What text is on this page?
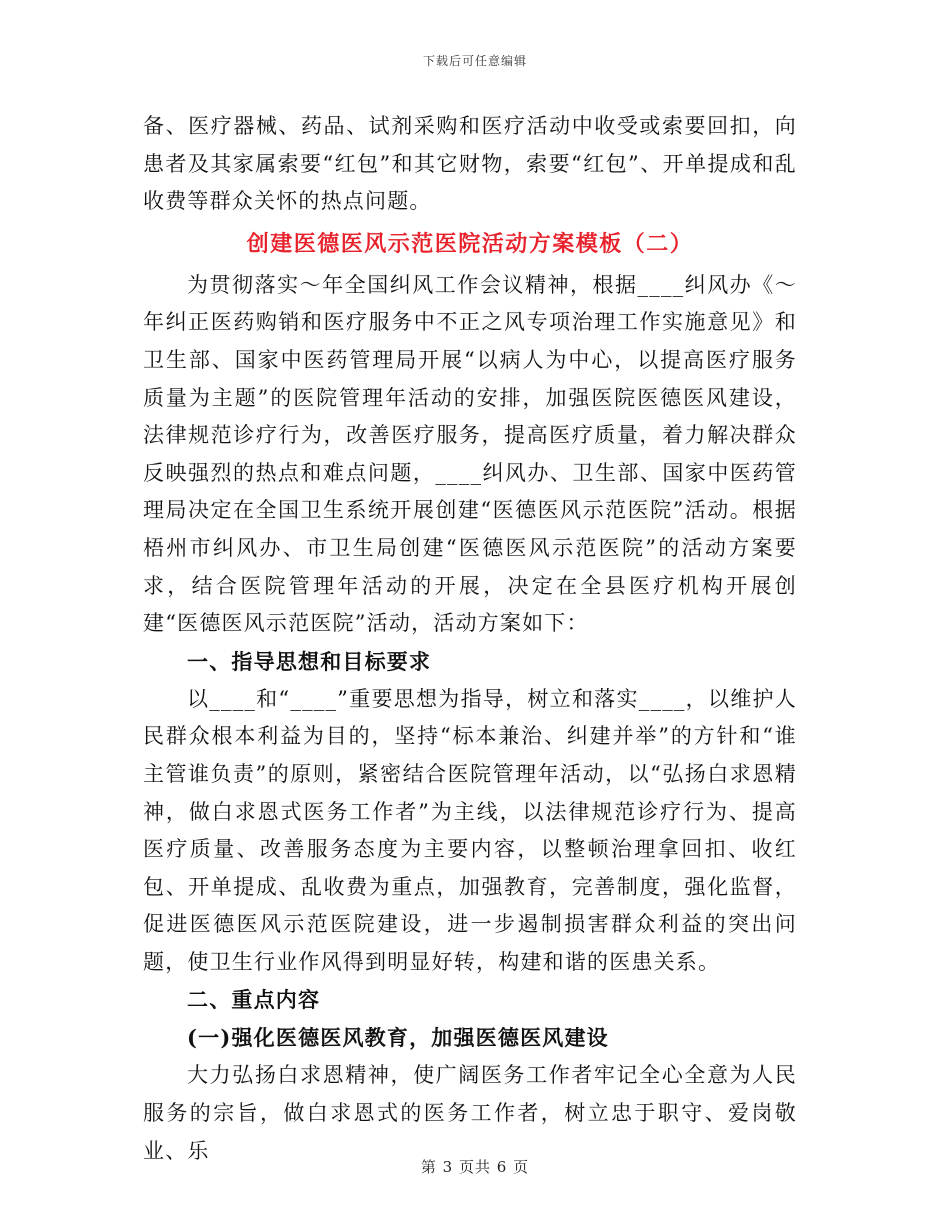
下载后可任意编辑

备、医疗器械、药品、试剂采购和医疗活动中收受或索要回扣，向患者及其家属索要“红包”和其它财物，索要“红包”、开单提成和乱收费等群众关怀的热点问题。

创建医德医风示范医院活动方案模板（二）

为贯彻落实～年全国纠风工作会议精神，根据____纠风办《～年纠正医药购销和医疗服务中不正之风专项治理工作实施意见》和卫生部、国家中医药管理局开展“以病人为中心，以提高医疗服务质量为主题”的医院管理年活动的安排，加强医院医德医风建设，法律规范诊疗行为，改善医疗服务，提高医疗质量，着力解决群众反映强烈的热点和难点问题，____纠风办、卫生部、国家中医药管理局决定在全国卫生系统开展创建“医德医风示范医院”活动。根据梧州市纠风办、市卫生局创建“医德医风示范医院”的活动方案要求，结合医院管理年活动的开展，决定在全县医疗机构开展创建“医德医风示范医院”活动，活动方案如下：

一、指导思想和目标要求

以____和“____”重要思想为指导，树立和落实____，以维护人民群众根本利益为目的，坚持“标本兼治、纠建并举”的方针和“谁主管谁负责”的原则，紧密结合医院管理年活动，以“弘扬白求恩精神，做白求恩式医务工作者”为主线，以法律规范诊疗行为、提高医疗质量、改善服务态度为主要内容，以整顿治理拿回扣、收红包、开单提成、乱收费为重点，加强教育，完善制度，强化监督，促进医德医风示范医院建设，进一步遏制损害群众利益的突出问题，使卫生行业作风得到明显好转，构建和谐的医患关系。

二、重点内容

(一)强化医德医风教育，加强医德医风建设

大力弘扬白求恩精神，使广阔医务工作者牢记全心全意为人民服务的宗旨，做白求恩式的医务工作者，树立忠于职守、爱岗敬业、乐

第 3 页共 6 页
